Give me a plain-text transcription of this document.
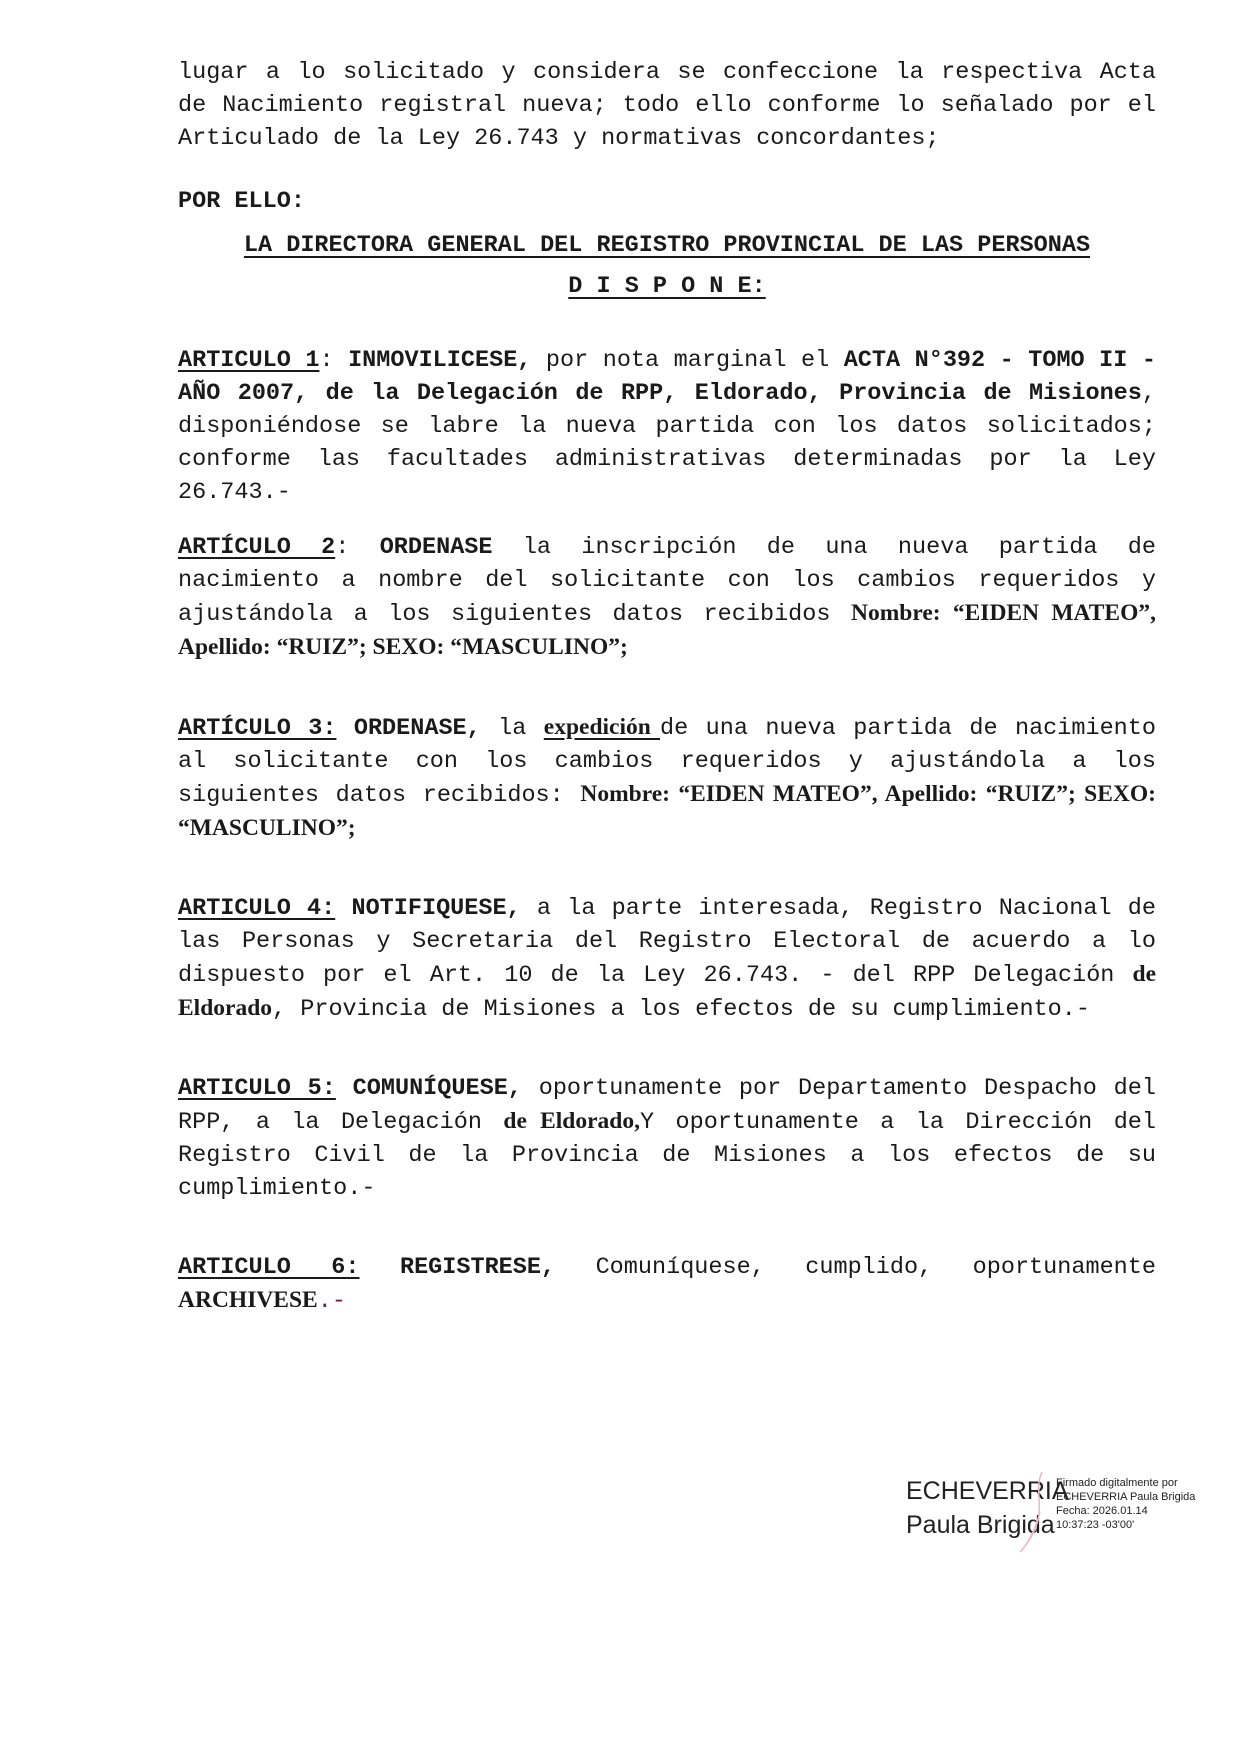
lugar a lo solicitado y considera se confeccione la respectiva Acta de Nacimiento registral nueva; todo ello conforme lo señalado por el Articulado de la Ley 26.743 y normativas concordantes;

POR ELLO:

LA DIRECTORA GENERAL DEL REGISTRO PROVINCIAL DE LAS PERSONAS
D I S P O N E:

ARTICULO 1: INMOVILICESE, por nota marginal el ACTA N°392 - TOMO II -AÑO 2007, de la Delegación de RPP, Eldorado, Provincia de Misiones, disponiéndose se labre la nueva partida con los datos solicitados; conforme las facultades administrativas determinadas por la Ley 26.743.-

ARTÍCULO 2: ORDENASE la inscripción de una nueva partida de nacimiento a nombre del solicitante con los cambios requeridos y ajustándola a los siguientes datos recibidos Nombre: “EIDEN MATEO”, Apellido: “RUIZ”; SEXO: “MASCULINO”;

ARTÍCULO 3: ORDENASE, la expedición de una nueva partida de nacimiento al solicitante con los cambios requeridos y ajustándola a los siguientes datos recibidos: Nombre: “EIDEN MATEO”, Apellido: “RUIZ”; SEXO: “MASCULINO”;

ARTICULO 4: NOTIFIQUESE, a la parte interesada, Registro Nacional de las Personas y Secretaria del Registro Electoral de acuerdo a lo dispuesto por el Art. 10 de la Ley 26.743. - del RPP Delegación de Eldorado, Provincia de Misiones a los efectos de su cumplimiento.-

ARTICULO 5: COMUNÍQUESE, oportunamente por Departamento Despacho del RPP, a la Delegación de Eldorado,Y oportunamente a la Dirección del Registro Civil de la Provincia de Misiones a los efectos de su cumplimiento.-

ARTICULO 6: REGISTRESE, Comuníquese, cumplido, oportunamente ARCHIVESE.-

ECHEVERRIA
Paula Brigida
Firmado digitalmente por
ECHEVERRIA Paula Brigida
Fecha: 2026.01.14
10:37:23 -03'00'
